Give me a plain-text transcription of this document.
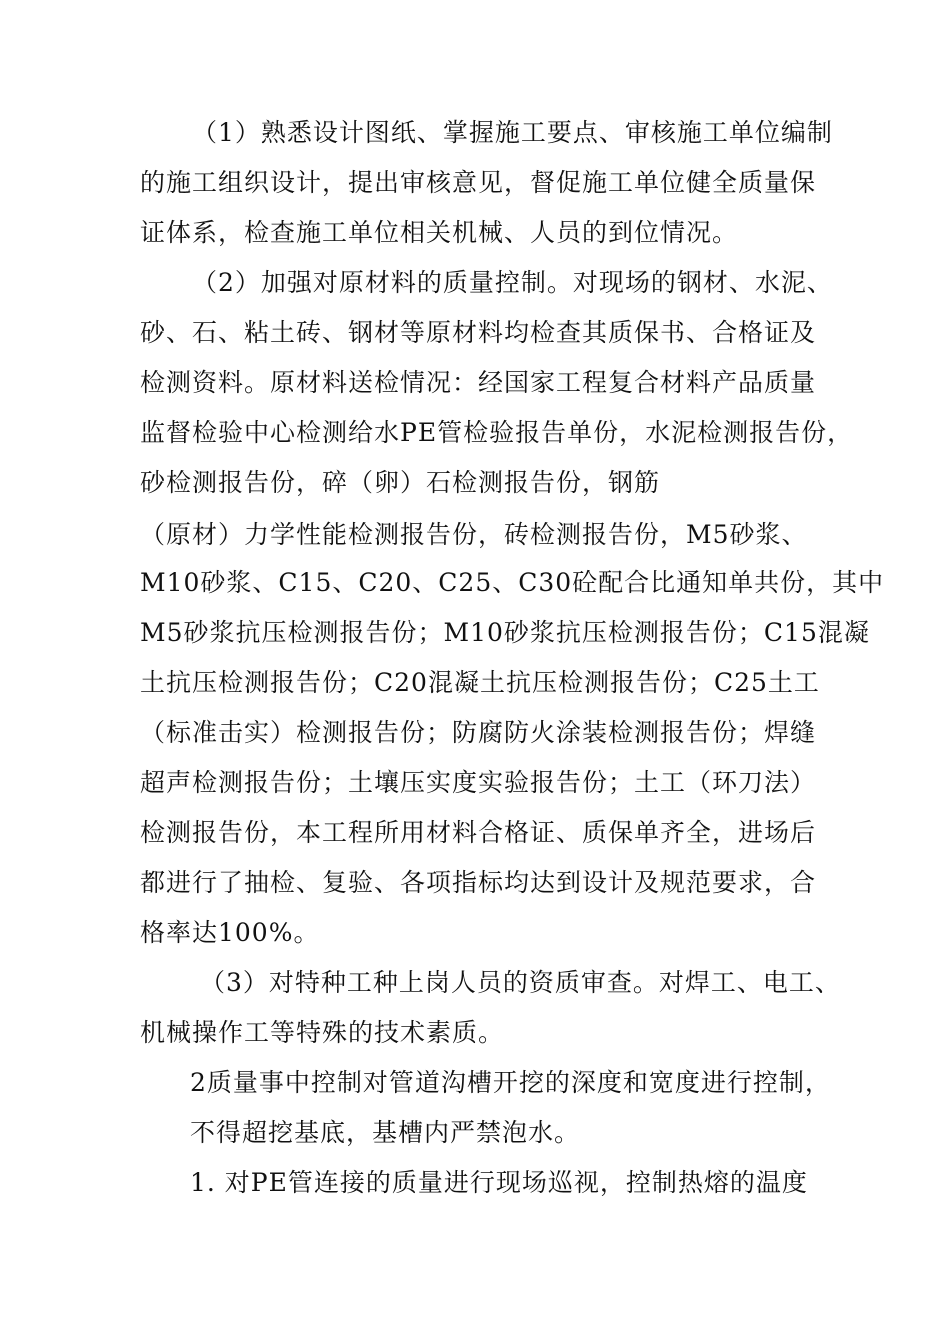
（1）熟悉设计图纸、掌握施工要点、审核施工单位编制
的施工组织设计，提出审核意见，督促施工单位健全质量保
证体系，检查施工单位相关机械、人员的到位情况。
（2）加强对原材料的质量控制。对现场的钢材、水泥、
砂、石、粘土砖、钢材等原材料均检查其质保书、合格证及
检测资料。原材料送检情况：经国家工程复合材料产品质量
监督检验中心检测给水PE管检验报告单份，水泥检测报告份，
砂检测报告份，碎（卵）石检测报告份，钢筋
（原材）力学性能检测报告份，砖检测报告份，M5砂浆、
M10砂浆、C15、C20、C25、C30砼配合比通知单共份，其中
M5砂浆抗压检测报告份；M10砂浆抗压检测报告份；C15混凝
土抗压检测报告份；C20混凝土抗压检测报告份；C25土工
（标准击实）检测报告份；防腐防火涂装检测报告份；焊缝
超声检测报告份；土壤压实度实验报告份；土工（环刀法）
检测报告份，本工程所用材料合格证、质保单齐全，进场后
都进行了抽检、复验、各项指标均达到设计及规范要求，合
格率达100%。
（3）对特种工种上岗人员的资质审查。对焊工、电工、
机械操作工等特殊的技术素质。
2质量事中控制对管道沟槽开挖的深度和宽度进行控制，
不得超挖基底，基槽内严禁泡水。
1. 对PE管连接的质量进行现场巡视，控制热熔的温度
